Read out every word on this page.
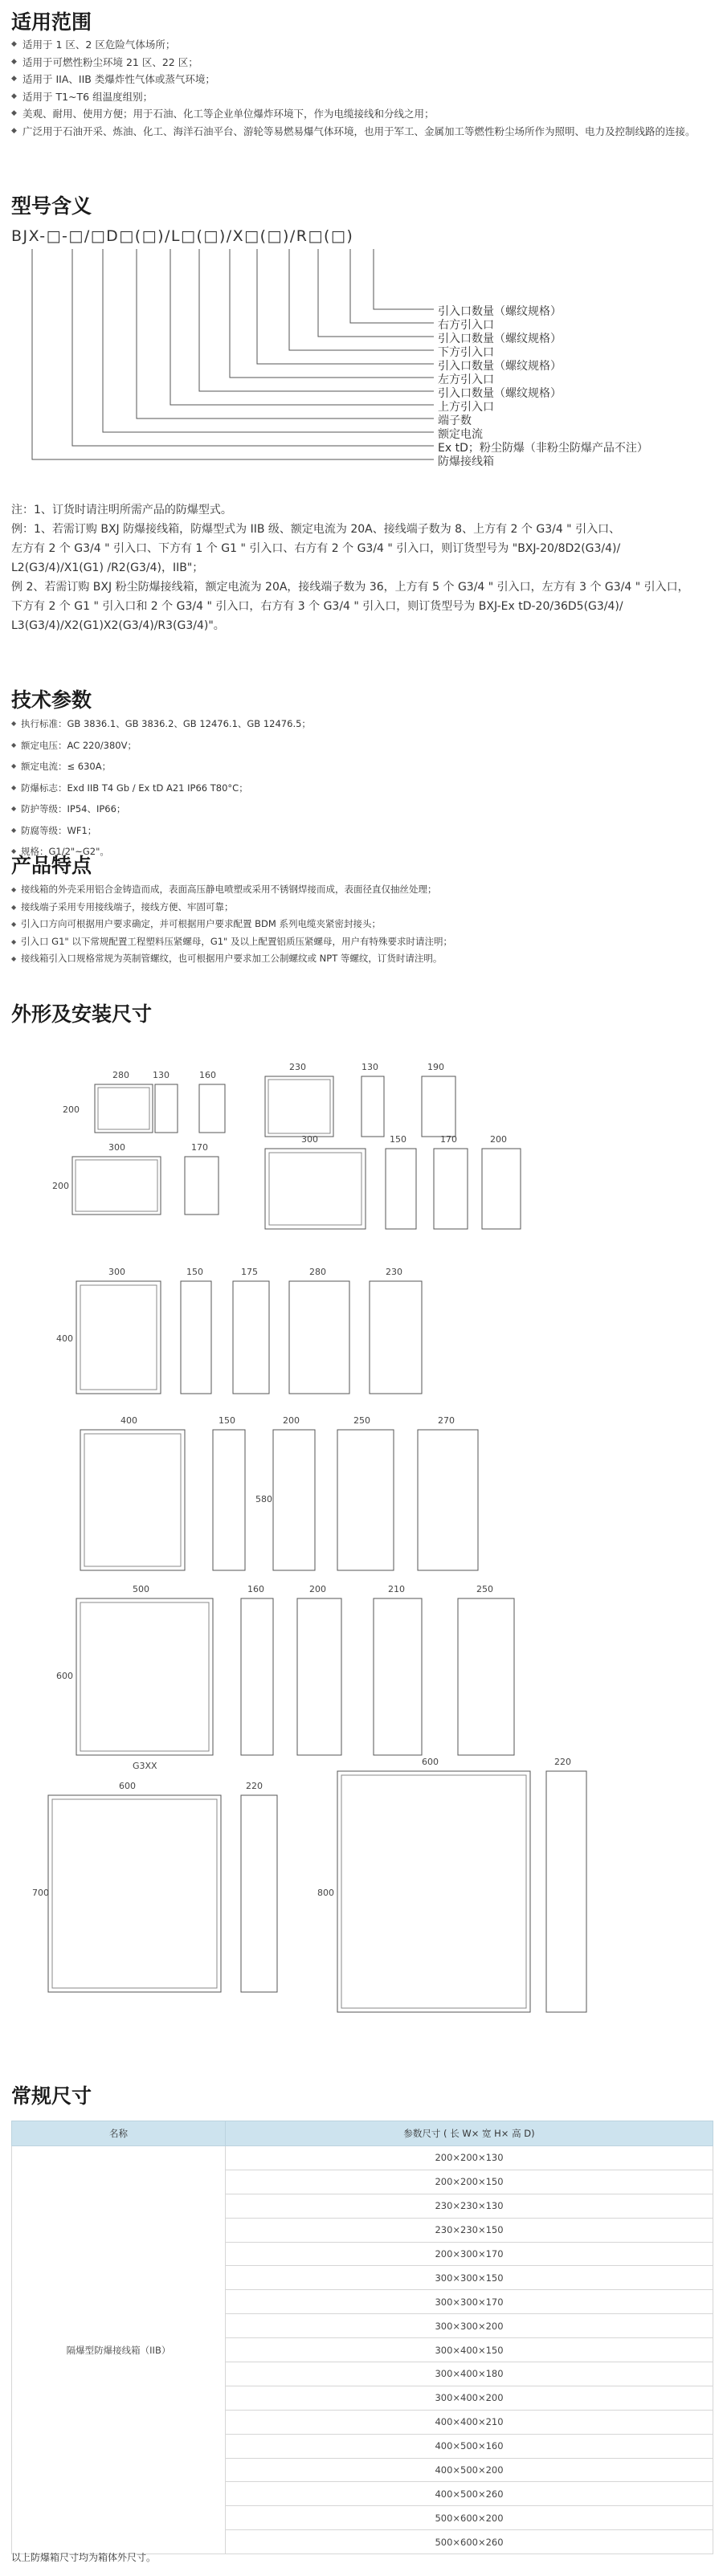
适用范围
型号含义
技术参数
产品特点
外形及安装尺寸
常规尺寸
◆ 适用于 1 区、2 区危险气体场所；
◆ 适用于可燃性粉尘环境 21 区、22 区；
◆ 适用于 IIA、IIB 类爆炸性气体或蒸气环境；
◆ 适用于 T1~T6 组温度组别；
◆ 美观、耐用、使用方便；用于石油、化工等企业单位爆炸环境下，作为电缆接线和分线之用；
◆ 广泛用于石油开采、炼油、化工、海洋石油平台、游轮等易燃易爆气体环境，也用于军工、金属加工等燃性粉尘场所作为照明、电力及控制线路的连接。
BJX-□-□/□D□(□)/L□(□)/X□(□)/R□(□)
引入口数量（螺纹规格）
右方引入口
引入口数量（螺纹规格）
下方引入口
引入口数量（螺纹规格）
左方引入口
引入口数量（螺纹规格）
上方引入口
端子数
额定电流
Ex tD；粉尘防爆（非粉尘防爆产品不注）
防爆接线箱

注：1、订货时请注明所需产品的防爆型式。

例：1、若需订购 BXJ 防爆接线箱，防爆型式为 IIB 级、额定电流为 20A、接线端子数为 8、上方有 2 个 G3/4 " 引入口、

左方有 2 个 G3/4 " 引入口、下方有 1 个 G1 " 引入口、右方有 2 个 G3/4 " 引入口，则订货型号为 "BXJ-20/8D2(G3/4)/

L2(G3/4)/X1(G1) /R2(G3/4)，IIB"；

例 2、若需订购 BXJ 粉尘防爆接线箱，额定电流为 20A，接线端子数为 36，上方有 5 个 G3/4 " 引入口，左方有 3 个 G3/4 " 引入口，

下方有 2 个 G1 " 引入口和 2 个 G3/4 " 引入口，右方有 3 个 G3/4 " 引入口，则订货型号为 BXJ-Ex tD-20/36D5(G3/4)/

L3(G3/4)/X2(G1)X2(G3/4)/R3(G3/4)"。

◆ 执行标准：GB 3836.1、GB 3836.2、GB 12476.1、GB 12476.5；
◆ 额定电压：AC 220/380V；
◆ 额定电流：≤ 630A；
◆ 防爆标志：Exd IIB T4 Gb / Ex tD A21 IP66 T80°C；
◆ 防护等级：IP54、IP66；
◆ 防腐等级：WF1；
◆ 规格：G1/2"~G2"。
◆ 接线箱的外壳采用铝合金铸造而成，表面高压静电喷塑或采用不锈钢焊接而成，表面径直仅抽丝处理；
◆ 接线端子采用专用接线端子，接线方便、牢固可靠；
◆ 引入口方向可根据用户要求确定，并可根据用户要求配置 BDM 系列电缆夹紧密封接头；
◆ 引入口 G1" 以下常规配置工程塑料压紧螺母，G1" 及以上配置铝质压紧螺母，用户有特殊要求时请注明；
◆ 接线箱引入口规格常规为英制管螺纹，也可根据用户要求加工公制螺纹或 NPT 等螺纹，订货时请注明。
200
280	130	160
230	130	190
200
300	170
300	150	170	200
400
300	150	175	280	230
400	150	200	250	270
580
500
600
160	200	210	250
G3XX
600	220
700	800
220
600
名称	参数尺寸 ( 长 W× 宽 H× 高 D)
隔爆型防爆接线箱（IIB）	200×200×130
	200×200×150
	230×230×130
	230×230×150
	200×300×170
	300×300×150
	300×300×170
	300×300×200
	300×400×150
	300×400×180
	300×400×200
	400×400×210
	400×500×160
	400×500×200
	400×500×260
	500×600×200
	500×600×260
以上防爆箱尺寸均为箱体外尺寸。
